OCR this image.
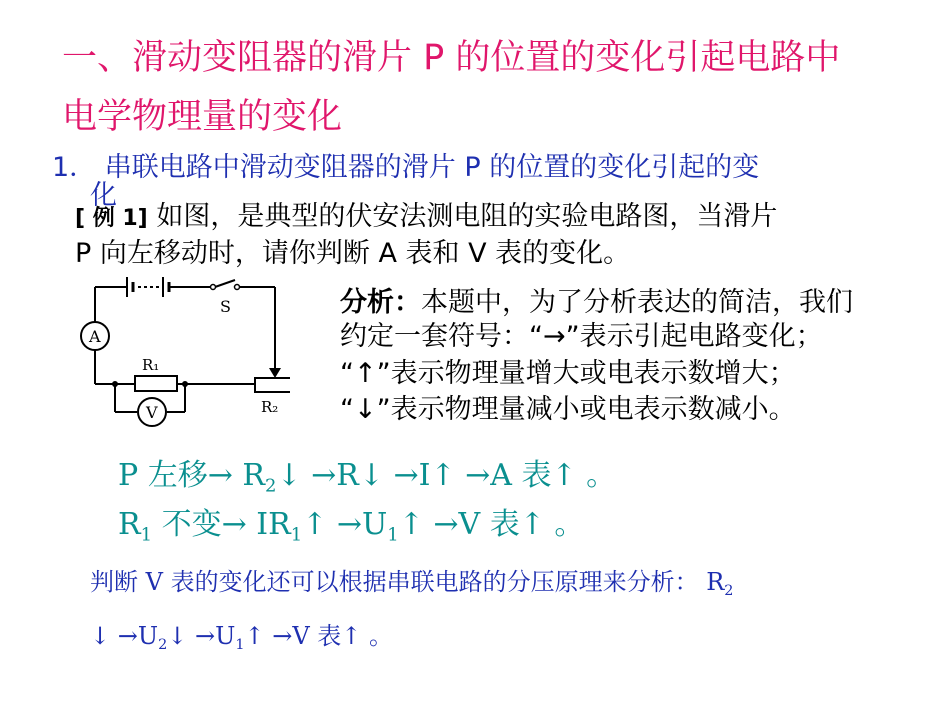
一、滑动变阻器的滑片 P 的位置的变化引起电路中
电学物理量的变化
1． 串联电路中滑动变阻器的滑片 P 的位置的变化引起的变
化
[ 例 1] 如图，是典型的伏安法测电阻的实验电路图，当滑片
P 向左移动时，请你判断 A 表和 V 表的变化。
S
A
V
R₁
R₂
分析：本题中，为了分析表达的简洁，我们
约定一套符号：“→”表示引起电路变化；
“↑”表示物理量增大或电表示数增大；
“↓”表示物理量减小或电表示数减小。
P 左移→ $R_2↓$ →R↓ →I↑ →A 表↑ 。
$R_1$ 不变→ $IR_1↑$ $\to U_1↑ \to V$ 表↑ 。
判断 V 表的变化还可以根据串联电路的分压原理来分析： $R_2$
↓ $\to U_2↓$ $\to U_1↑ \to V$ 表↑ 。
